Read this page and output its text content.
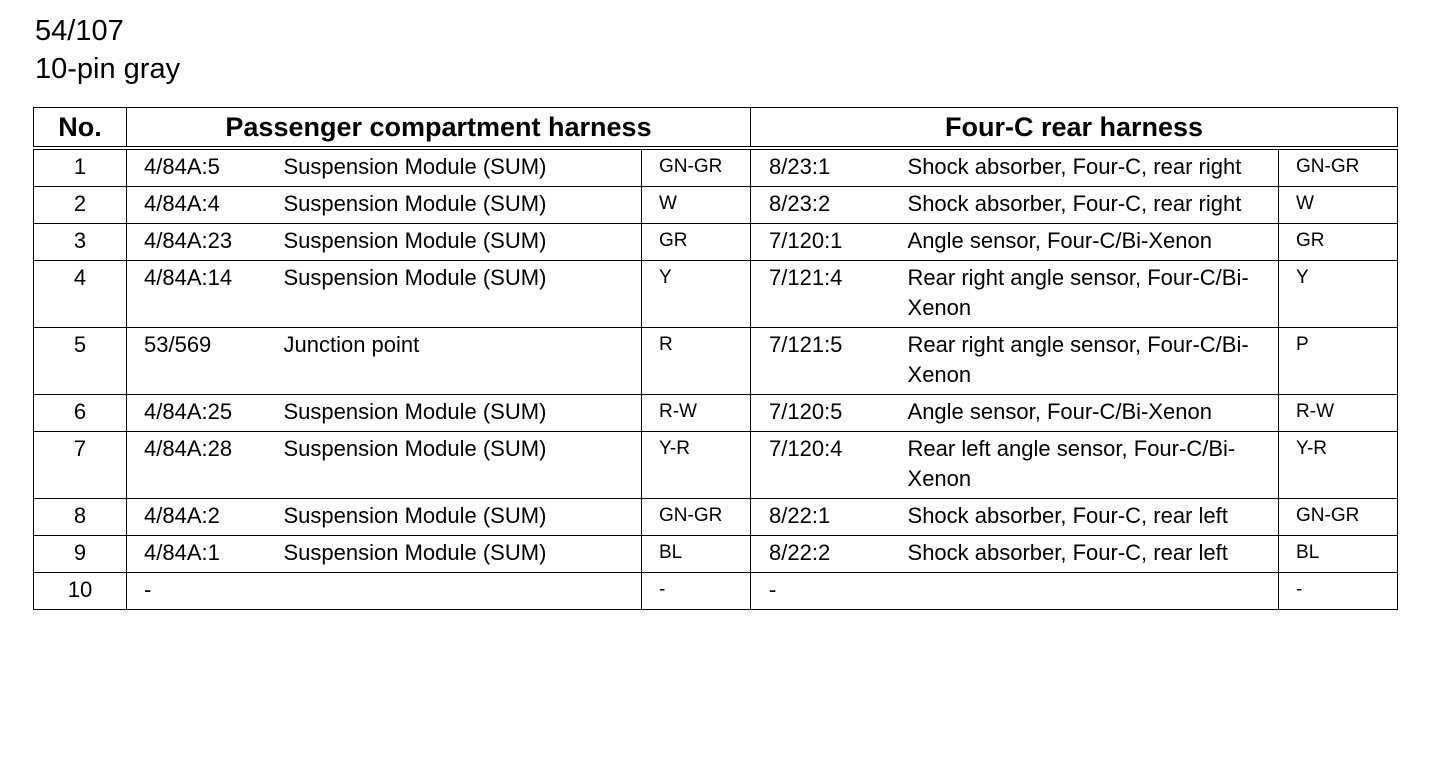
54/107
10-pin gray
No.	Passenger compartment harness			Four-C rear harness		
1	4/84A:5	Suspension Module (SUM)	GN-GR	8/23:1	Shock absorber, Four-C, rear right	GN-GR
2	4/84A:4	Suspension Module (SUM)	W	8/23:2	Shock absorber, Four-C, rear right	W
3	4/84A:23	Suspension Module (SUM)	GR	7/120:1	Angle sensor, Four-C/Bi-Xenon	GR
4	4/84A:14	Suspension Module (SUM)	Y	7/121:4	Rear right angle sensor, Four-C/Bi-Xenon	Y
5	53/569	Junction point	R	7/121:5	Rear right angle sensor, Four-C/Bi-Xenon	P
6	4/84A:25	Suspension Module (SUM)	R-W	7/120:5	Angle sensor, Four-C/Bi-Xenon	R-W
7	4/84A:28	Suspension Module (SUM)	Y-R	7/120:4	Rear left angle sensor, Four-C/Bi-Xenon	Y-R
8	4/84A:2	Suspension Module (SUM)	GN-GR	8/22:1	Shock absorber, Four-C, rear left	GN-GR
9	4/84A:1	Suspension Module (SUM)	BL	8/22:2	Shock absorber, Four-C, rear left	BL
10	-		-	-		-
